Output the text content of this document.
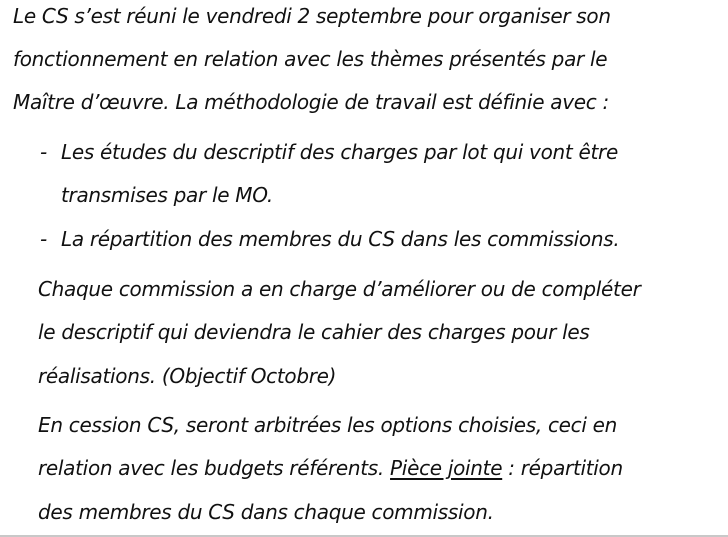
Le CS s’est réuni le vendredi 2 septembre pour organiser son
fonctionnement en relation avec les thèmes présentés par le
Maître d’œuvre. La méthodologie de travail est définie avec :
- Les études du descriptif des charges par lot qui vont être
transmises par le MO.
- La répartition des membres du CS dans les commissions.
Chaque commission a en charge d’améliorer ou de compléter
le descriptif qui deviendra le cahier des charges pour les
réalisations. (Objectif Octobre)
En cession CS, seront arbitrées les options choisies, ceci en
relation avec les budgets référents. Pièce jointe : répartition
des membres du CS dans chaque commission.
